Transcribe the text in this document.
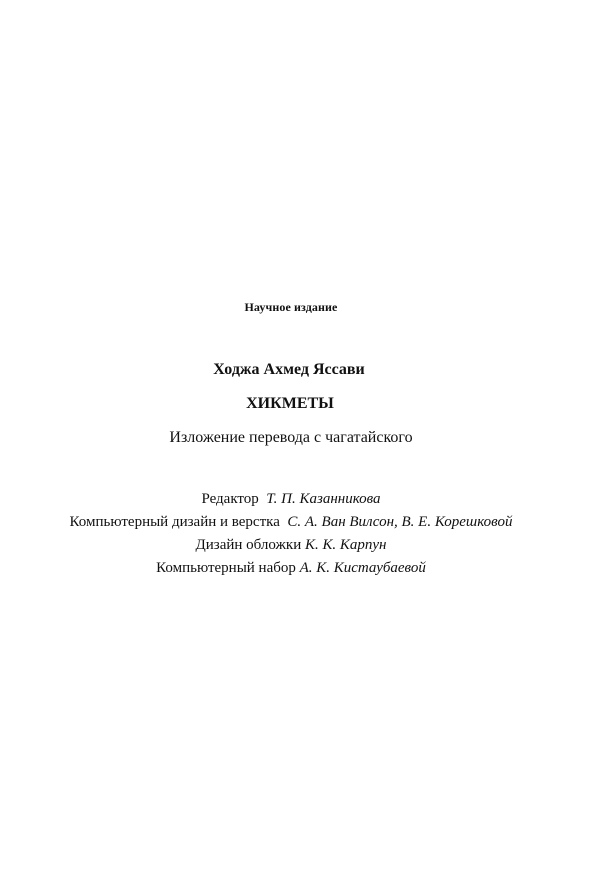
Научное издание
Ходжа Ахмед Яссави
ХИКМЕТЫ
Изложение перевода с чагатайского
Редактор Т. П. Казанникова
Компьютерный дизайн и верстка С. А. Ван Вилсон, В. Е. Корешковой
Дизайн обложки К. К. Карпун
Компьютерный набор А. К. Кистаубаевой
